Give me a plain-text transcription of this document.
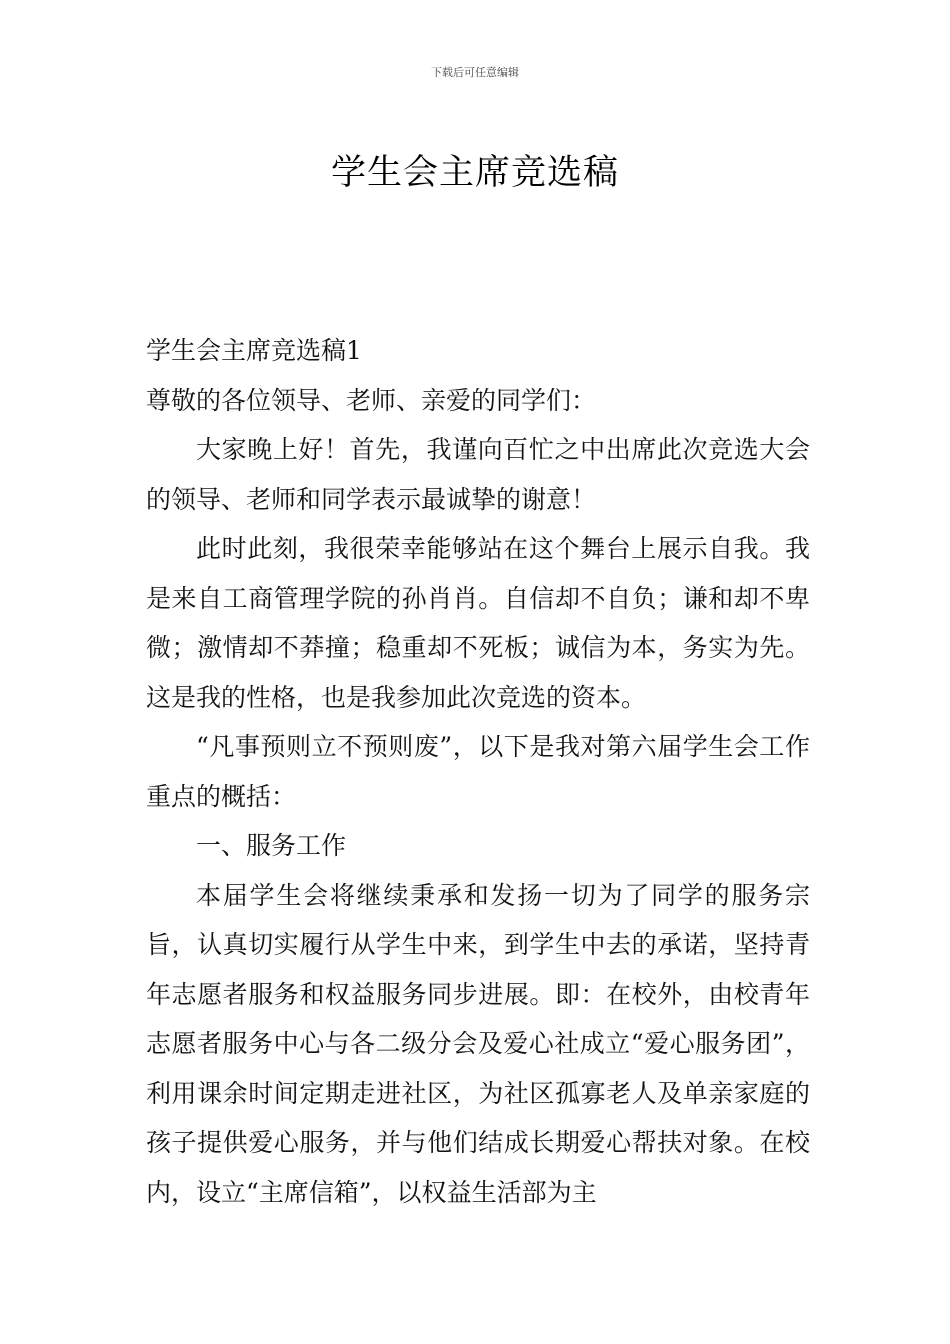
下载后可任意编辑
学生会主席竞选稿

学生会主席竞选稿1

尊敬的各位领导、老师、亲爱的同学们：

大家晚上好！首先，我谨向百忙之中出席此次竞选大会的领导、老师和同学表示最诚挚的谢意！

此时此刻，我很荣幸能够站在这个舞台上展示自我。我是来自工商管理学院的孙肖肖。自信却不自负；谦和却不卑微；激情却不莽撞；稳重却不死板；诚信为本，务实为先。这是我的性格，也是我参加此次竞选的资本。

“凡事预则立不预则废”，以下是我对第六届学生会工作重点的概括：

一、服务工作

本届学生会将继续秉承和发扬一切为了同学的服务宗旨，认真切实履行从学生中来，到学生中去的承诺，坚持青年志愿者服务和权益服务同步进展。即：在校外，由校青年志愿者服务中心与各二级分会及爱心社成立“爱心服务团”，利用课余时间定期走进社区，为社区孤寡老人及单亲家庭的孩子提供爱心服务，并与他们结成长期爱心帮扶对象。在校内，设立“主席信箱”，以权益生活部为主
